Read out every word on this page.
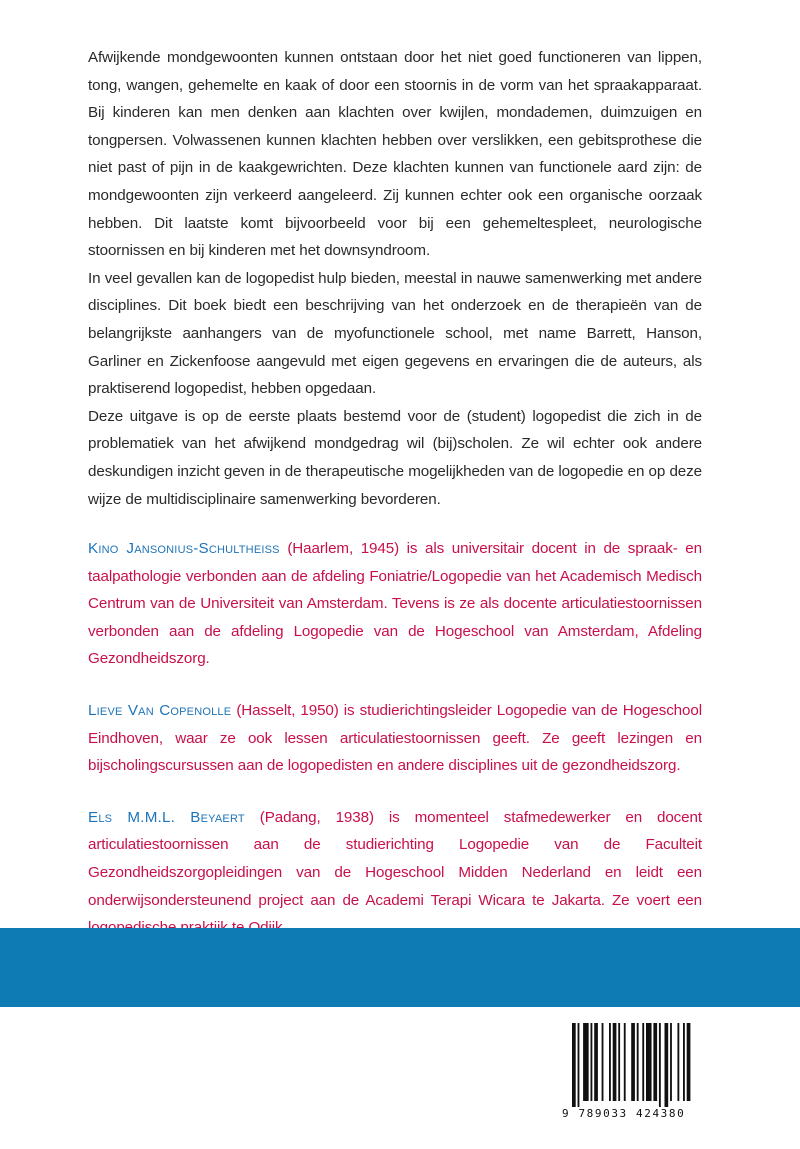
Afwijkende mondgewoonten kunnen ontstaan door het niet goed functioneren van lippen, tong, wangen, gehemelte en kaak of door een stoornis in de vorm van het spraakapparaat. Bij kinderen kan men denken aan klachten over kwijlen, mondademen, duimzuigen en tongpersen. Volwassenen kunnen klachten hebben over verslikken, een gebitsprothese die niet past of pijn in de kaakgewrichten. Deze klachten kunnen van functionele aard zijn: de mondgewoonten zijn verkeerd aangeleerd. Zij kunnen echter ook een organische oorzaak hebben. Dit laatste komt bijvoorbeeld voor bij een gehemeltespleet, neurologische stoornissen en bij kinderen met het downsyndroom.

In veel gevallen kan de logopedist hulp bieden, meestal in nauwe samenwerking met andere disciplines. Dit boek biedt een beschrijving van het onderzoek en de therapieën van de belangrijkste aanhangers van de myofunctionele school, met name Barrett, Hanson, Garliner en Zickenfoose aangevuld met eigen gegevens en ervaringen die de auteurs, als praktiserend logopedist, hebben opgedaan.

Deze uitgave is op de eerste plaats bestemd voor de (student) logopedist die zich in de problematiek van het afwijkend mondgedrag wil (bij)scholen. Ze wil echter ook andere deskundigen inzicht geven in de therapeutische mogelijkheden van de logopedie en op deze wijze de multidisciplinaire samenwerking bevorderen.

Kino Jansonius-Schultheiss (Haarlem, 1945) is als universitair docent in de spraak- en taalpathologie verbonden aan de afdeling Foniatrie/Logopedie van het Academisch Medisch Centrum van de Universiteit van Amsterdam. Tevens is ze als docente articulatiestoornissen verbonden aan de afdeling Logopedie van de Hogeschool van Amsterdam, Afdeling Gezondheidszorg.

Lieve Van Copenolle (Hasselt, 1950) is studierichtingsleider Logopedie van de Hogeschool Eindhoven, waar ze ook lessen articulatiestoornissen geeft. Ze geeft lezingen en bijscholingscursussen aan de logopedisten en andere disciplines uit de gezondheidszorg.

Els M.M.L. Beyaert (Padang, 1938) is momenteel stafmedewerker en docent articulatiestoornissen aan de studierichting Logopedie van de Faculteit Gezondheidszorgopleidingen van de Hogeschool Midden Nederland en leidt een onderwijsondersteunend project aan de Academi Terapi Wicara te Jakarta. Ze voert een

9 789033 424380
